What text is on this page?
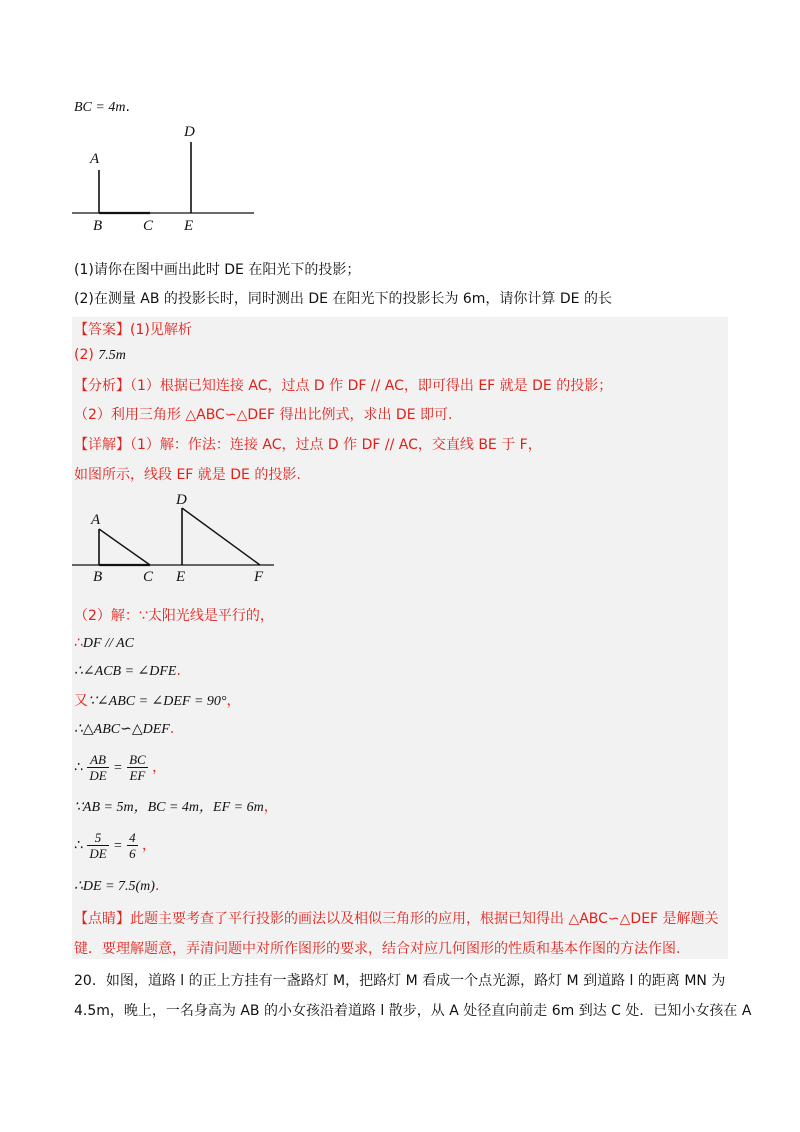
BC = 4m.
A
B	C
D
E
(1)请你在图中画出此时 DE 在阳光下的投影；
(2)在测量 AB 的投影长时，同时测出 DE 在阳光下的投影长为 6m，请你计算 DE 的长
【答案】(1)见解析
(2) 7.5m
【分析】（1）根据已知连接 AC，过点 D 作 DF // AC，即可得出 EF 就是 DE 的投影；
（2）利用三角形 △ABC∽△DEF 得出比例式，求出 DE 即可.
【详解】（1）解：作法：连接 AC，过点 D 作 DF // AC，交直线 BE 于 F，
如图所示，线段 EF 就是 DE 的投影.
A
B	C
D
E	F
（2）解：∵太阳光线是平行的，
∴DF // AC
∴∠ACB = ∠DFE.
又∵∠ABC = ∠DEF = 90°，
∴△ABC∽△DEF.
∴ $\frac{AB}{DE} = \frac{BC}{EF}$ ，
∵AB = 5m，BC = 4m，EF = 6m，
∴ $\frac{5}{DE} = \frac{4}{6}$ ，
∴DE = 7.5(m).
【点睛】此题主要考查了平行投影的画法以及相似三角形的应用，根据已知得出 △ABC∽△DEF 是解题关
键．要理解题意，弄清问题中对所作图形的要求，结合对应几何图形的性质和基本作图的方法作图.
20．如图，道路 l 的正上方挂有一盏路灯 M，把路灯 M 看成一个点光源，路灯 M 到道路 l 的距离 MN 为
4.5m，晚上，一名身高为 AB 的小女孩沿着道路 l 散步，从 A 处径直向前走 6m 到达 C 处．已知小女孩在 A
